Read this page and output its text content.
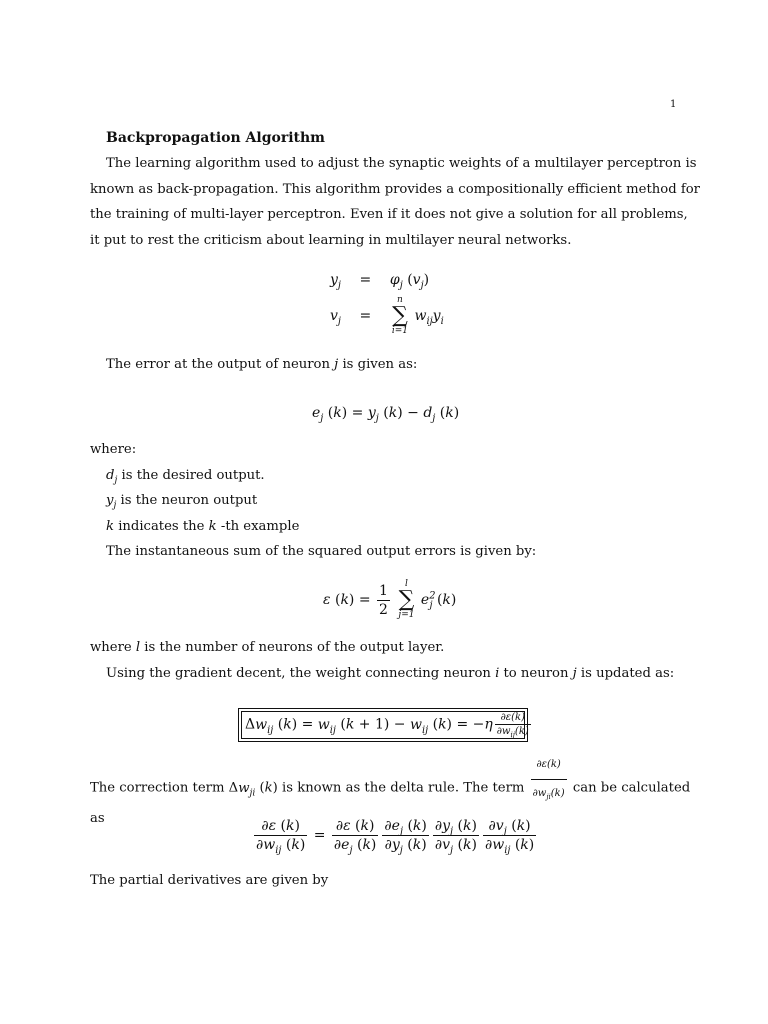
1
Backpropagation Algorithm
The learning algorithm used to adjust the synaptic weights of a multilayer perceptron is
known as back-propagation. This algorithm provides a compositionally efficient method for
the training of multi-layer perceptron. Even if it does not give a solution for all problems,
it put to rest the criticism about learning in multilayer neural networks.
$y_j = \varphi_j$ $(v_j)$
$v_j$ =
n
∑
i=1
$w_{ij}y_i$
The error at the output of neuron j is given as:
$e_j$ $(k) = y_j$ $(k) - d_j$ (k)
where:
$d_j$ is the desired output.
$y_j$ is the neuron output
k indicates the k -th example
The instantaneous sum of the squared output errors is given by:
ε $(k) = \frac{1}{2}$
	l
∑
j=1
$e^2_j$ (k)
where l is the number of neurons of the output layer.
Using the gradient decent, the weight connecting neuron i to neuron j is updated as:
$\Delta w_{ij}$ $(k) = w_{ij}$ $(k + 1) - w_{ij}$ $(k) = -\eta \frac{\partial\varepsilon(k)}{\partial w_{ij}(k)}$
The correction term $\Delta w_{ji}$ (k) is known as the delta rule. The term $\frac{\partial\varepsilon(k)}{\partial w_{ji}(k)}$ can be calculated
as	$\frac{\partial\varepsilon (k)}{\partial w_{ij} (k)} = \frac{\partial\varepsilon (k)}{\partial e_j (k)} \frac{\partial e_j (k)}{\partial y_j (k)} \frac{\partial y_j (k)}{\partial v_j (k)} \frac{\partial v_j (k)}{\partial w_{ij} (k)}$
The partial derivatives are given by
